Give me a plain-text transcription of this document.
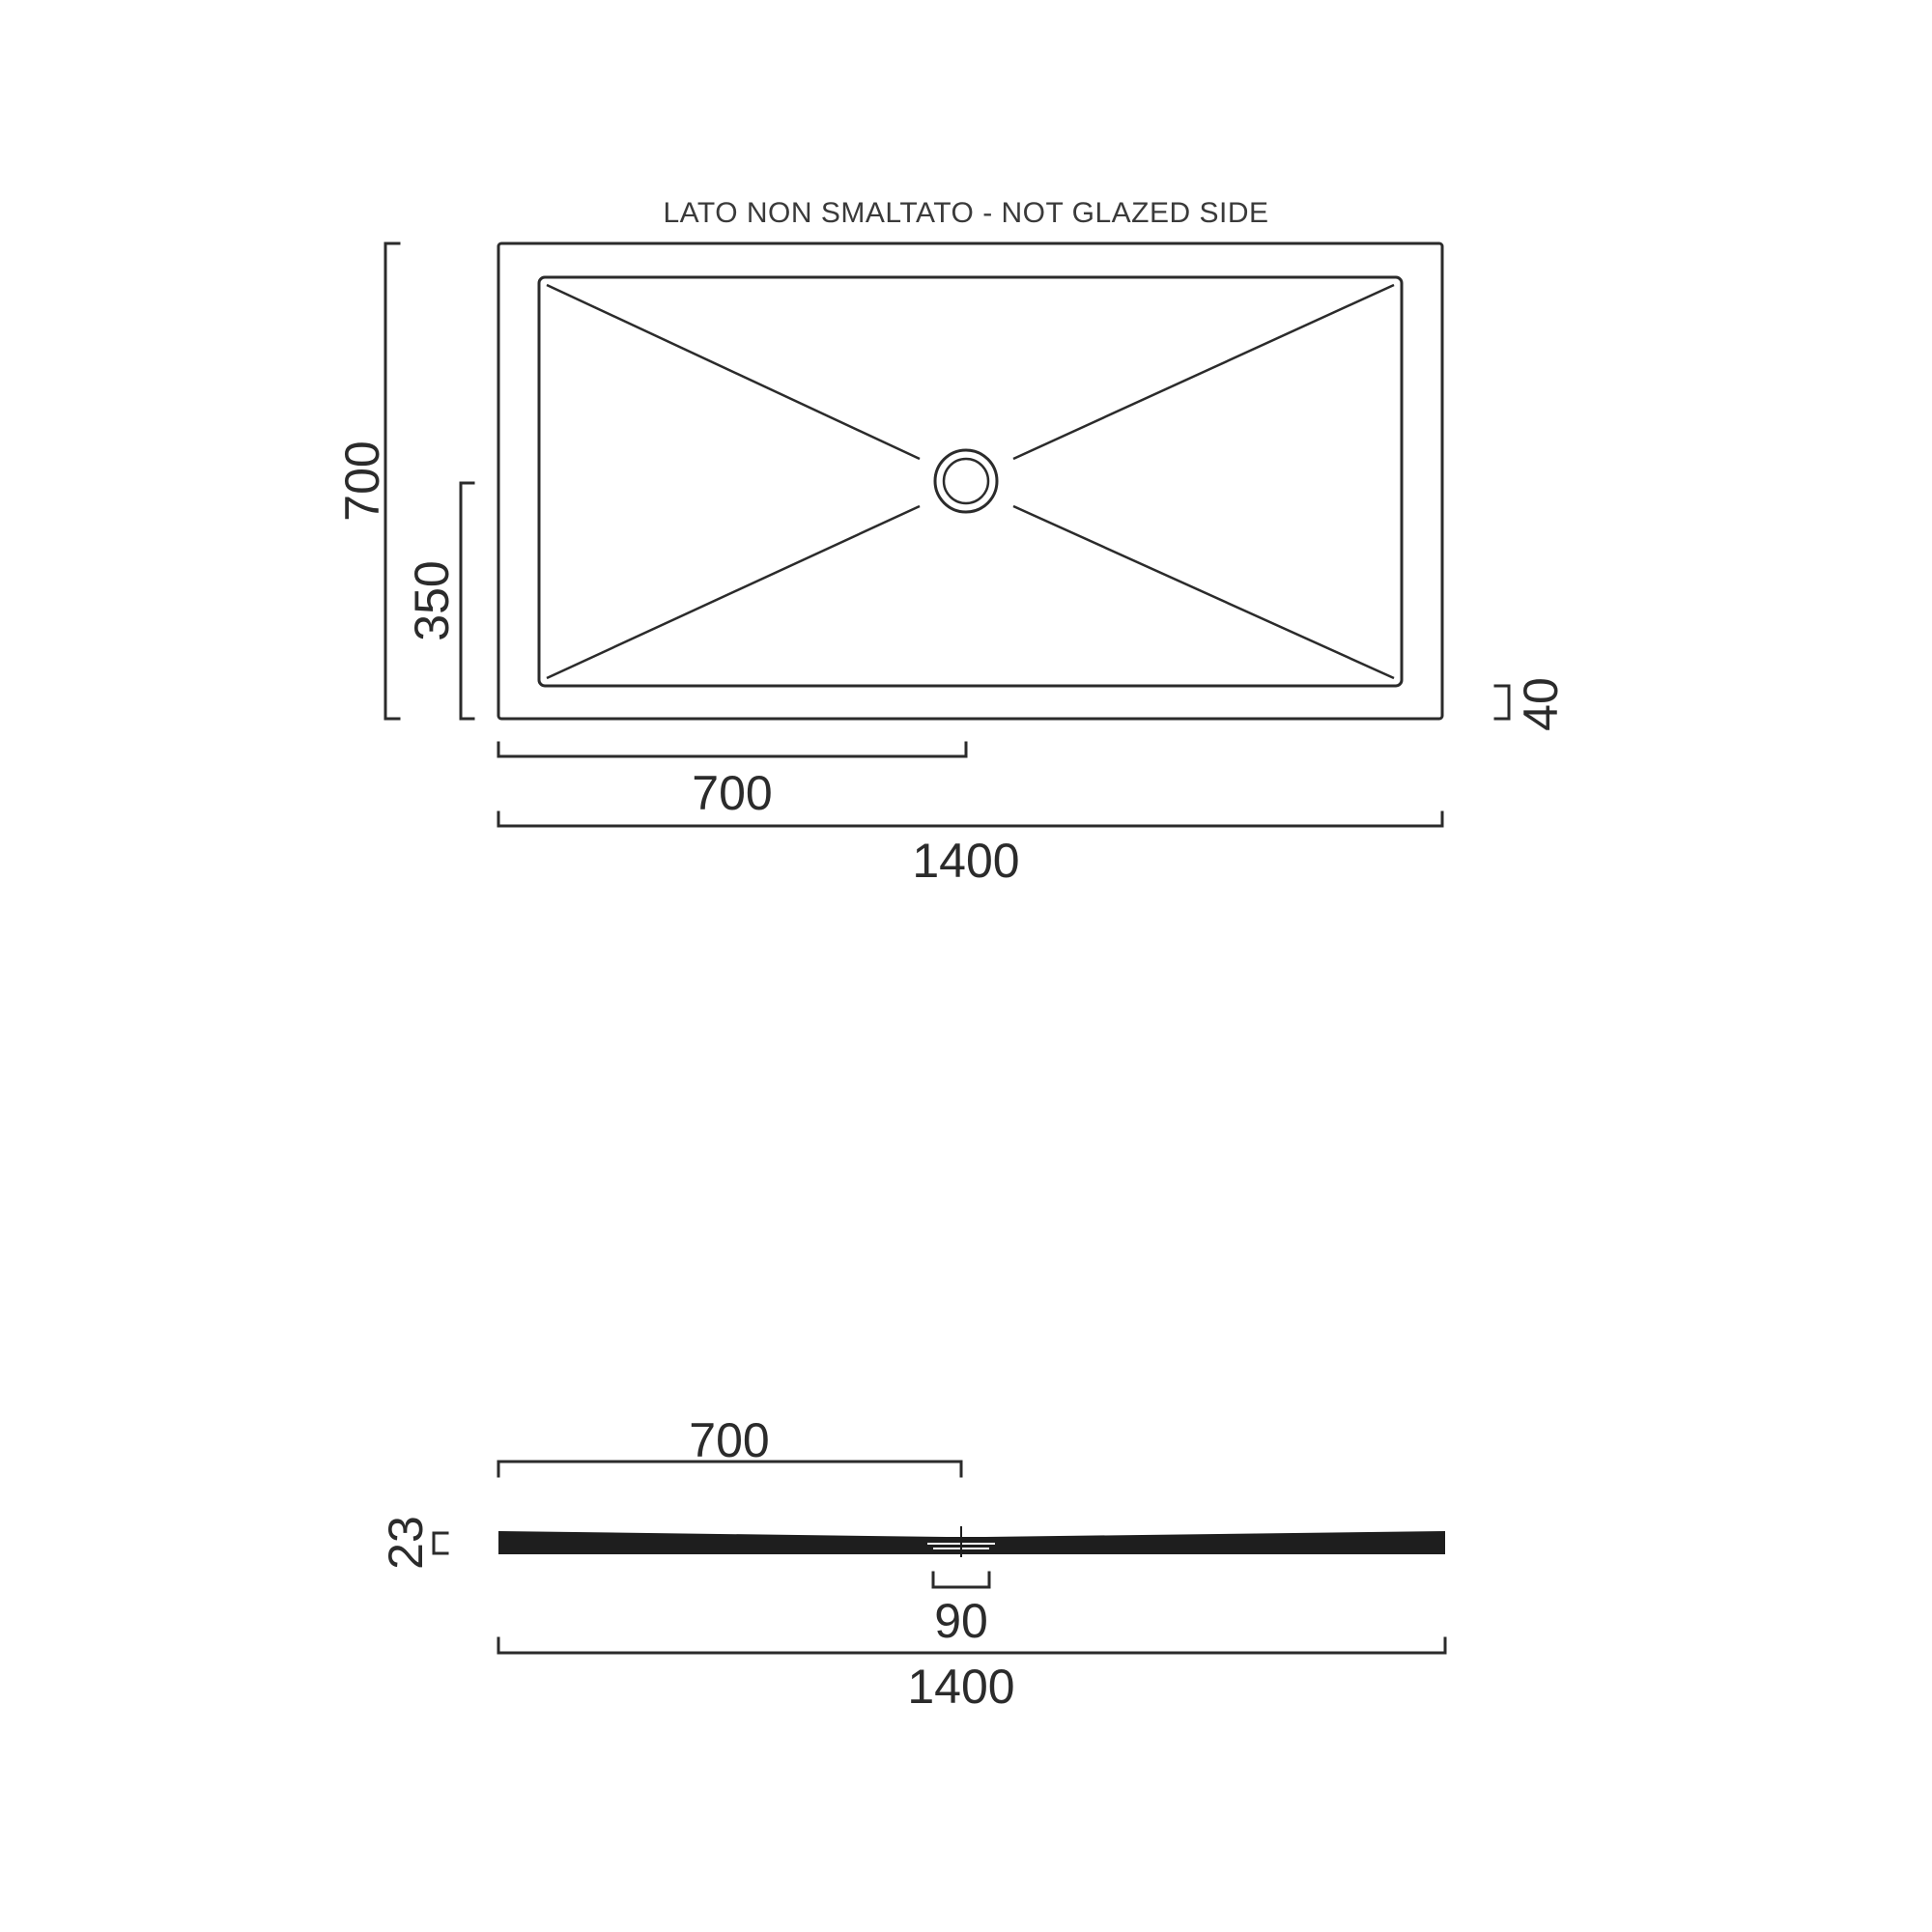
LATO NON SMALTATO - NOT GLAZED SIDE
700
350
700
1400
40
700
23
90
1400
